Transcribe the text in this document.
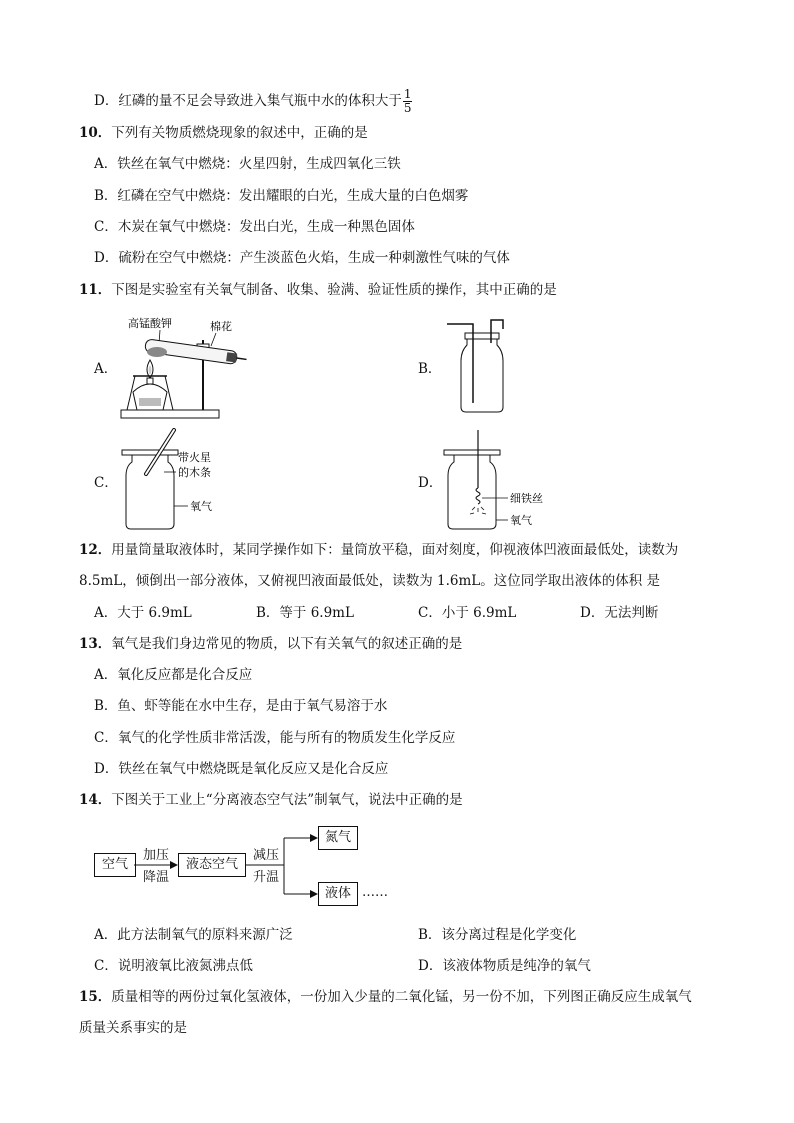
D．红磷的量不足会导致进入集气瓶中水的体积大于 $\frac{1}{5}$
10．下列有关物质燃烧现象的叙述中，正确的是
A．铁丝在氧气中燃烧：火星四射，生成四氧化三铁
B．红磷在空气中燃烧：发出耀眼的白光，生成大量的白色烟雾
C．木炭在氧气中燃烧：发出白光，生成一种黑色固体
D．硫粉在空气中燃烧：产生淡蓝色火焰，生成一种刺激性气味的气体
11．下图是实验室有关氧气制备、收集、验满、验证性质的操作，其中正确的是
A．	B．
C．	D．
高锰酸钾	棉花
带火星
的木条
氧气
细铁丝
氧气
12．用量筒量取液体时，某同学操作如下：量筒放平稳，面对刻度，仰视液体凹液面最低处，读数为
8.5mL，倾倒出一部分液体，又俯视凹液面最低处，读数为 1.6mL。这位同学取出液体的体积 是
A．大于 6.9mL	B．等于 6.9mL	C．小于 6.9mL	D．无法判断
13．氧气是我们身边常见的物质，以下有关氧气的叙述正确的是
A．氧化反应都是化合反应
B．鱼、虾等能在水中生存，是由于氧气易溶于水
C．氧气的化学性质非常活泼，能与所有的物质发生化学反应
D．铁丝在氧气中燃烧既是氧化反应又是化合反应
14．下图关于工业上“分离液态空气法”制氧气，说法中正确的是
空气
加压
降温
液态空气
减压
升温
氮气
液体 ……
A．此方法制氧气的原料来源广泛	B．该分离过程是化学变化
C．说明液氧比液氮沸点低	D．该液体物质是纯净的氧气
15．质量相等的两份过氧化氢液体，一份加入少量的二氧化锰，另一份不加，下列图正确反应生成氧气
质量关系事实的是
